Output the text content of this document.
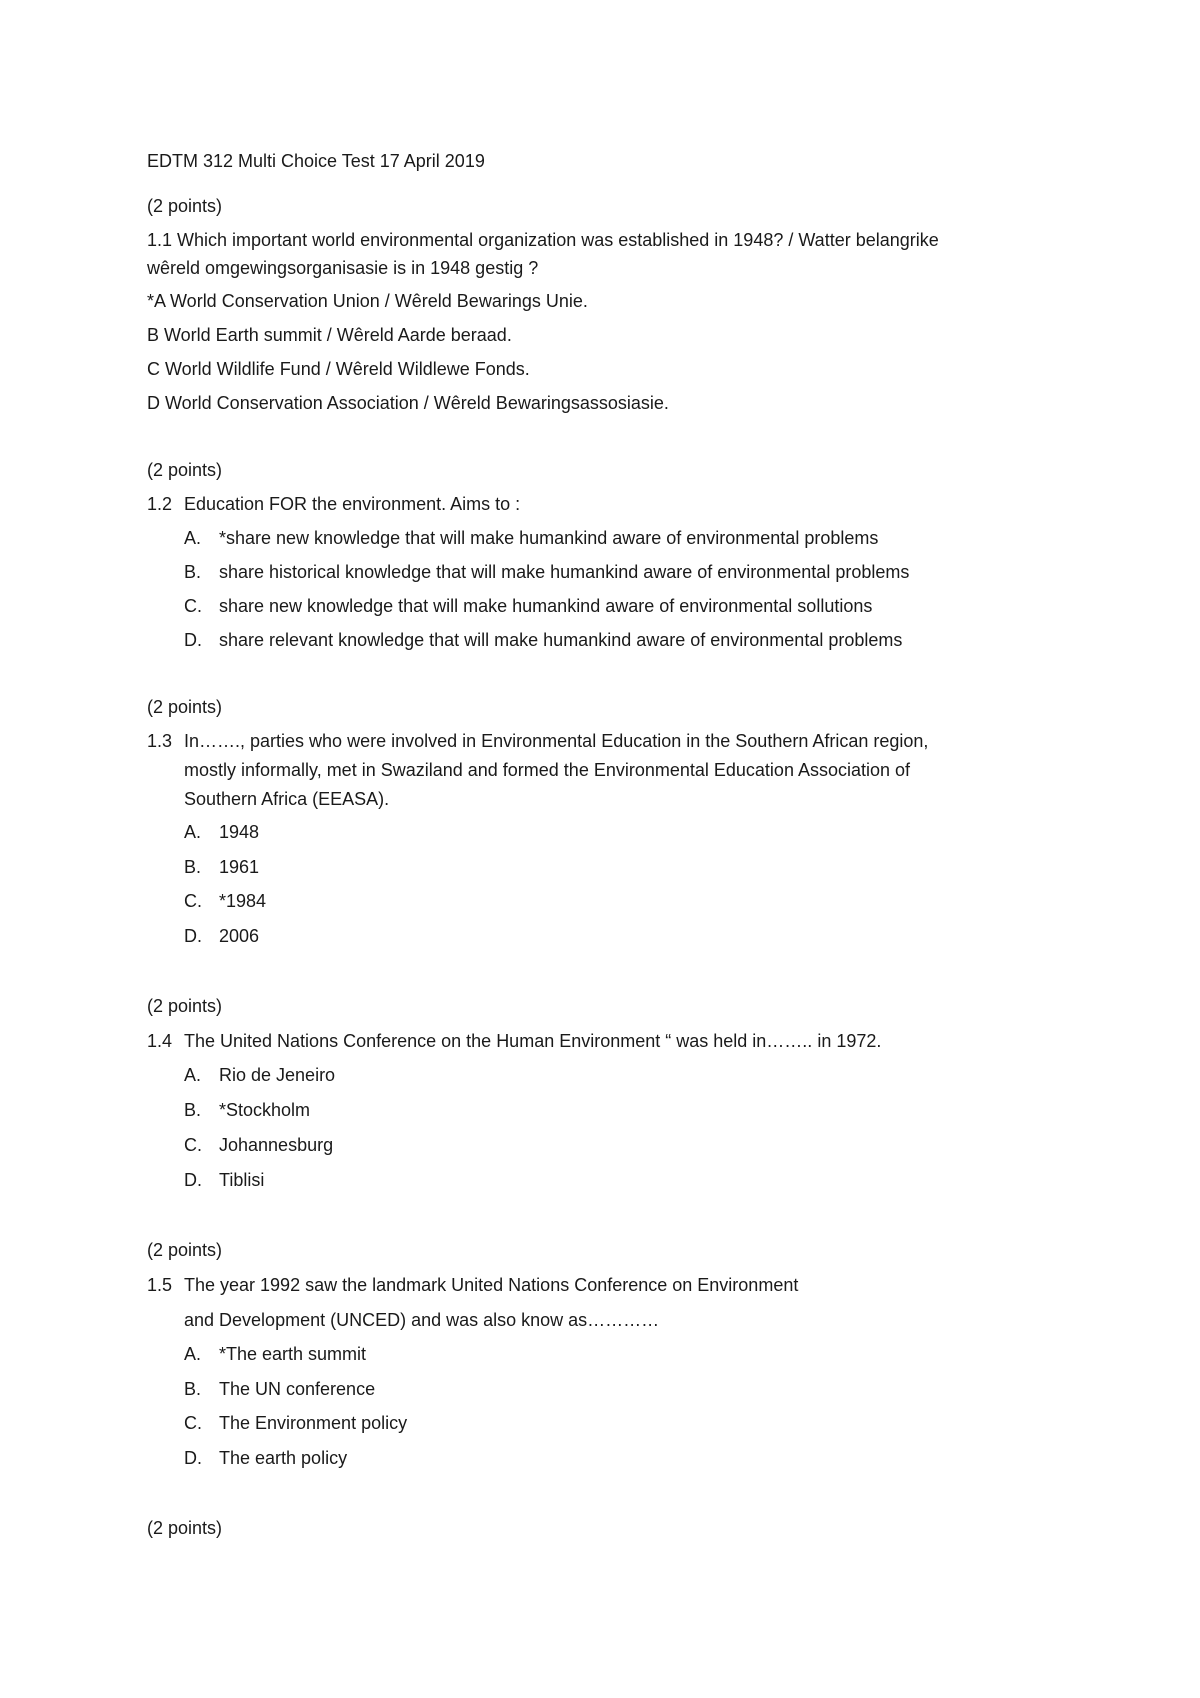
EDTM 312 Multi Choice Test 17 April 2019
(2 points)
1.1 Which important world environmental organization was established in 1948? / Watter belangrike
wêreld omgewingsorganisasie is in 1948 gestig ?
*A World Conservation Union / Wêreld Bewarings Unie.
B World Earth summit / Wêreld Aarde beraad.
C World Wildlife Fund / Wêreld Wildlewe Fonds.
D World Conservation Association / Wêreld Bewaringsassosiasie.
(2 points)
1.2 Education FOR the environment. Aims to :
A. *share new knowledge that will make humankind aware of environmental problems
B. share historical knowledge that will make humankind aware of environmental problems
C. share new knowledge that will make humankind aware of environmental sollutions
D. share relevant knowledge that will make humankind aware of environmental problems
(2 points)
1.3 In……., parties who were involved in Environmental Education in the Southern African region,
mostly informally, met in Swaziland and formed the Environmental Education Association of
Southern Africa (EEASA).
A. 1948
B. 1961
C. *1984
D. 2006
(2 points)
1.4 The United Nations Conference on the Human Environment “ was held in…….. in 1972.
A. Rio de Jeneiro
B. *Stockholm
C. Johannesburg
D. Tiblisi
(2 points)
1.5 The year 1992 saw the landmark United Nations Conference on Environment
and Development (UNCED) and was also know as…………
A. *The earth summit
B. The UN conference
C. The Environment policy
D. The earth policy
(2 points)
